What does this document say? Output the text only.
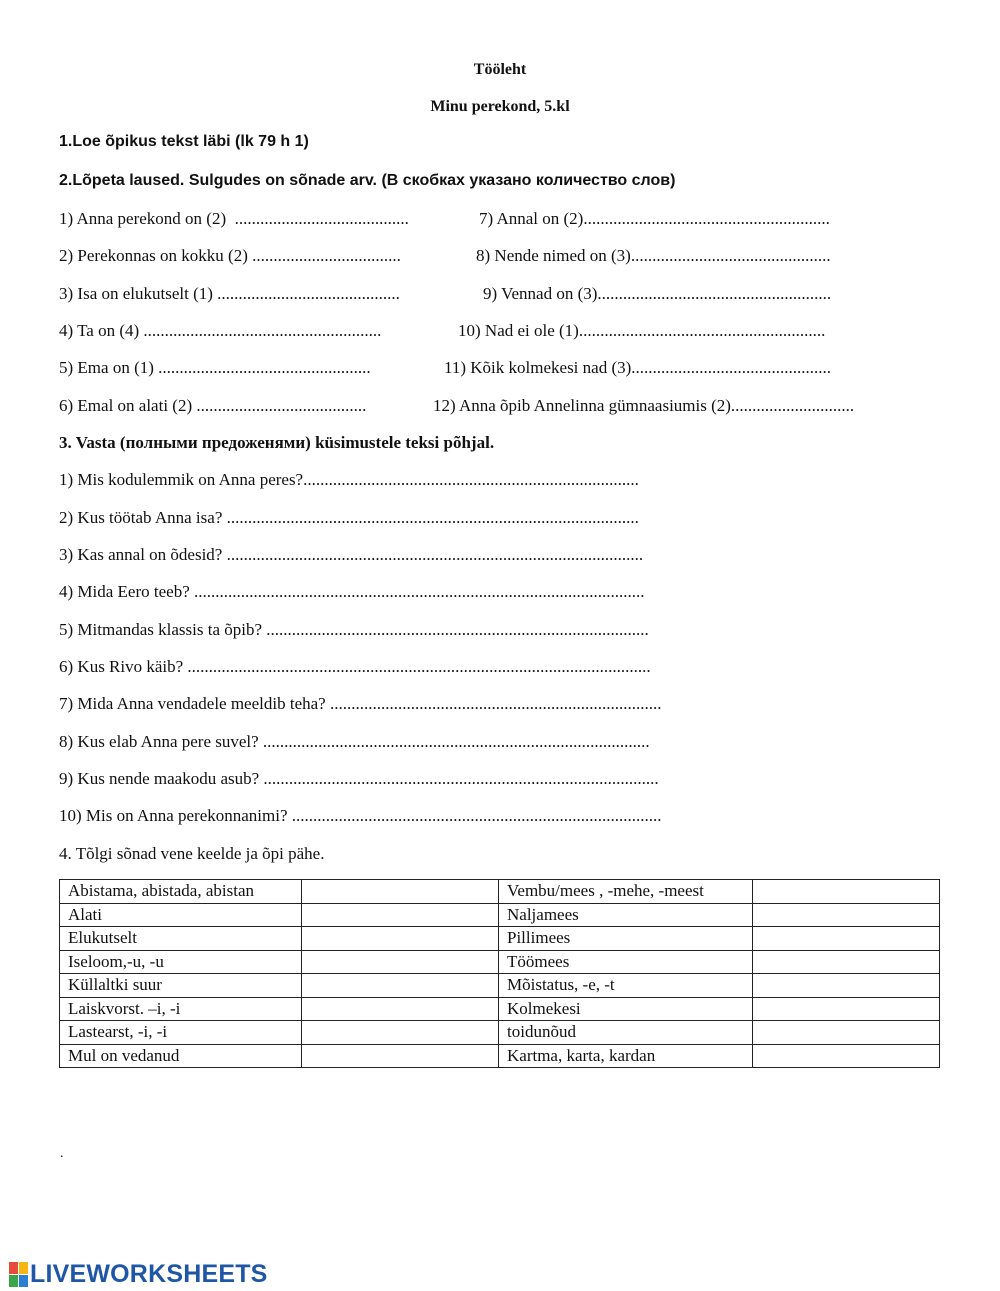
Tööleht
Minu perekond, 5.kl
1.Loe õpikus tekst läbi (lk 79 h 1)
2.Lõpeta laused. Sulgudes on sõnade arv. (В скобках указано количество слов)
1) Anna perekond on (2)  .........................................
2) Perekonnas on kokku (2) ...................................
3) Isa on elukutselt (1) ...........................................
4) Ta on (4) ........................................................
5) Ema on (1) ..................................................
6) Emal on alati (2) ........................................
7) Annal on (2)..........................................................
8) Nende nimed on (3)...............................................
9) Vennad on (3).......................................................
10) Nad ei ole (1)..........................................................
11) Kõik kolmekesi nad (3)...............................................
12) Anna õpib Annelinna gümnaasiumis (2).............................
3. Vasta (полными предоженями) küsimustele teksi põhjal.
1) Mis kodulemmik on Anna peres?...............................................................................
2) Kus töötab Anna isa? .................................................................................................
3) Kas annal on õdesid? ..................................................................................................
4) Mida Eero teeb? ..........................................................................................................
5) Mitmandas klassis ta õpib? ..........................................................................................
6) Kus Rivo käib? .............................................................................................................
7) Mida Anna vendadele meeldib teha? ..............................................................................
8) Kus elab Anna pere suvel? ...........................................................................................
9) Kus nende maakodu asub? .............................................................................................
10) Mis on Anna perekonnanimi? .......................................................................................
4. Tõlgi sõnad vene keelde ja õpi pähe.
Abistama, abistada, abistan		Vembu/mees , -mehe, -meest	
Alati		Naljamees	
Elukutselt		Pillimees	
Iseloom,-u, -u		Töömees	
Küllaltki suur		Mõistatus, -e, -t	
Laiskvorst. –i, -i		Kolmekesi	
Lastearst, -i, -i		toidunõud	
Mul on vedanud		Kartma, karta, kardan	
.
LIVEWORKSHEETS
